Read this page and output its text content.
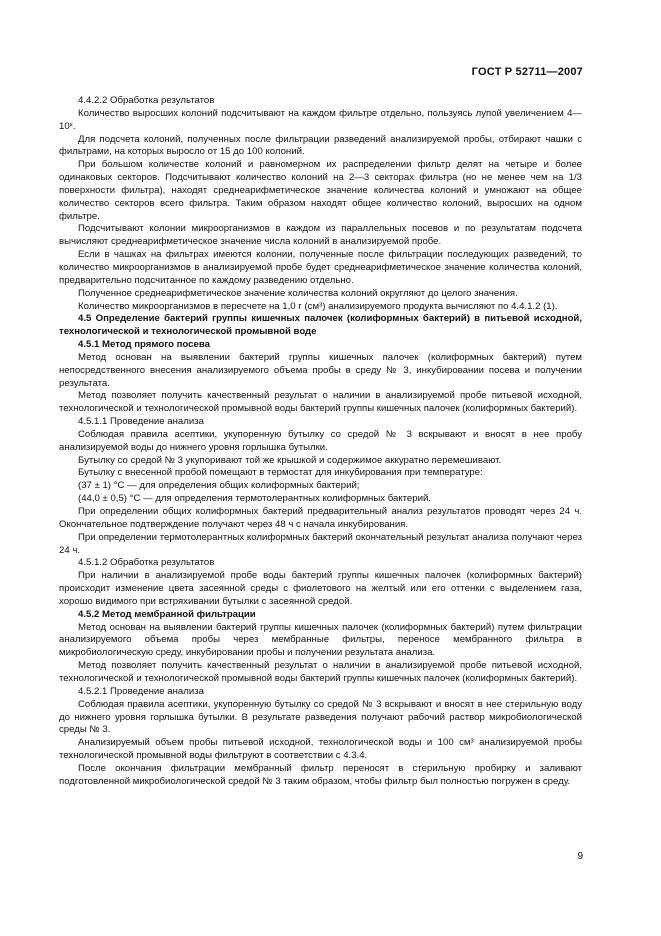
ГОСТ Р 52711—2007

4.4.2.2 Обработка результатов

Количество выросших колоний подсчитывают на каждом фильтре отдельно, пользуясь лупой увеличением 4—10ˣ.

Для подсчета колоний, полученных после фильтрации разведений анализируемой пробы, отбирают чашки с фильтрами, на которых выросло от 15 до 100 колоний.

При большом количестве колоний и равномерном их распределении фильтр делят на четыре и более одинаковых секторов. Подсчитывают количество колоний на 2—3 секторах фильтра (но не менее чем на 1/3 поверхности фильтра), находят среднеарифметическое значение количества колоний и умножают на общее количество секторов всего фильтра. Таким образом находят общее количество колоний, выросших на одном фильтре.

Подсчитывают колонии микроорганизмов в каждом из параллельных посевов и по результатам подсчета вычисляют среднеарифметическое значение числа колоний в анализируемой пробе.

Если в чашках на фильтрах имеются колонии, полученные после фильтрации последующих разведений, то количество микроорганизмов в анализируемой пробе будет среднеарифметическое значение количества колоний, предварительно подсчитанное по каждому разведению отдельно.

Полученное среднеарифметическое значение количества колоний округляют до целого значения.

Количество микроорганизмов в пересчете на 1,0 г (см³) анализируемого продукта вычисляют по 4.4.1.2 (1).

4.5 Определение бактерий группы кишечных палочек (колиформных бактерий) в питьевой исходной, технологической и технологической промывной воде

4.5.1 Метод прямого посева

Метод основан на выявлении бактерий группы кишечных палочек (колиформных бактерий) путем непосредственного внесения анализируемого объема пробы в среду № 3, инкубировании посева и получении результата.

Метод позволяет получить качественный результат о наличии в анализируемой пробе питьевой исходной, технологической и технологической промывной воды бактерий группы кишечных палочек (колиформных бактерий).

4.5.1.1 Проведение анализа

Соблюдая правила асептики, укупоренную бутылку со средой № 3 вскрывают и вносят в нее пробу анализируемой воды до нижнего уровня горлышка бутылки.

Бутылку со средой № 3 укупоривают той же крышкой и содержимое аккуратно перемешивают.

Бутылку с внесенной пробой помещают в термостат для инкубирования при температуре:

(37 ± 1) °С — для определения общих колиформных бактерий;

(44,0 ± 0,5) °С — для определения термотолерантных колиформных бактерий.

При определении общих колиформных бактерий предварительный анализ результатов проводят через 24 ч. Окончательное подтверждение получают через 48 ч с начала инкубирования.

При определении термотолерантных колиформных бактерий окончательный результат анализа получают через 24 ч.

4.5.1.2 Обработка результатов

При наличии в анализируемой пробе воды бактерий группы кишечных палочек (колиформных бактерий) происходит изменение цвета засеянной среды с фиолетового на желтый или его оттенки с выделением газа, хорошо видимого при встряхивании бутылки с засеянной средой.

4.5.2 Метод мембранной фильтрации

Метод основан на выявлении бактерий группы кишечных палочек (колиформных бактерий) путем фильтрации анализируемого объема пробы через мембранные фильтры, переносе мембранного фильтра в микробиологическую среду, инкубировании пробы и получении результата анализа.

Метод позволяет получить качественный результат о наличии в анализируемой пробе питьевой исходной, технологической и технологической промывной воды бактерий группы кишечных палочек (колиформных бактерий).

4.5.2.1 Проведение анализа

Соблюдая правила асептики, укупоренную бутылку со средой № 3 вскрывают и вносят в нее стерильную воду до нижнего уровня горлышка бутылки. В результате разведения получают рабочий раствор микробиологической среды № 3.

Анализируемый объем пробы питьевой исходной, технологической воды и 100 см³ анализируемой пробы технологической промывной воды фильтруют в соответствии с 4.3.4.

После окончания фильтрации мембранный фильтр переносят в стерильную пробирку и заливают подготовленной микробиологической средой № 3 таким образом, чтобы фильтр был полностью погружен в среду.

9
